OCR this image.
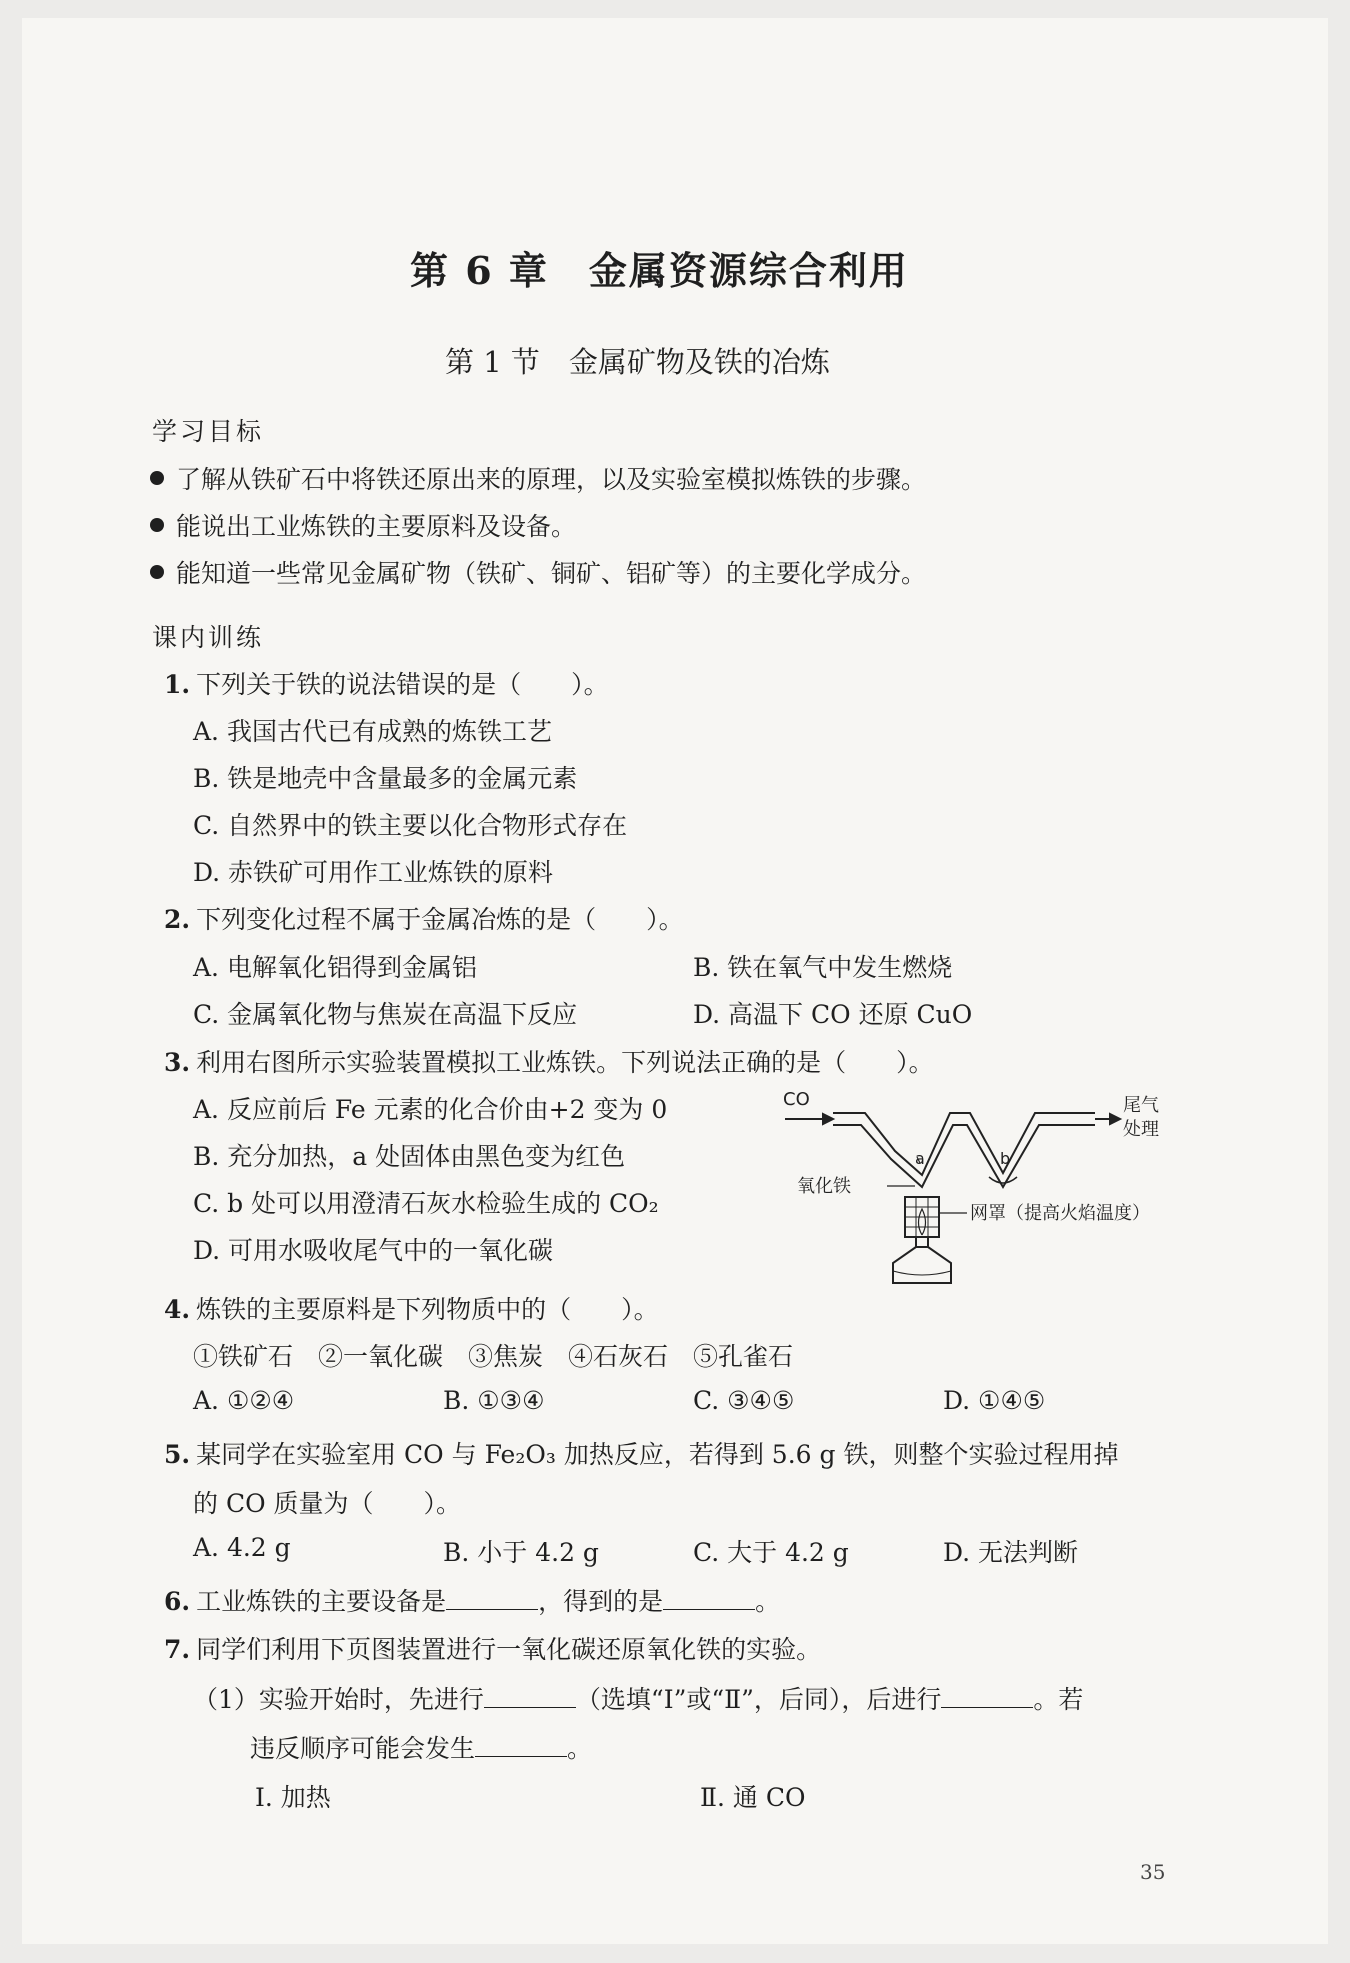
第 6 章　金属资源综合利用
第 1 节　金属矿物及铁的冶炼
学习目标
了解从铁矿石中将铁还原出来的原理，以及实验室模拟炼铁的步骤。
能说出工业炼铁的主要原料及设备。
能知道一些常见金属矿物（铁矿、铜矿、铝矿等）的主要化学成分。
课内训练
1. 下列关于铁的说法错误的是（　　）。
A. 我国古代已有成熟的炼铁工艺
B. 铁是地壳中含量最多的金属元素
C. 自然界中的铁主要以化合物形式存在
D. 赤铁矿可用作工业炼铁的原料
2. 下列变化过程不属于金属冶炼的是（　　）。
A. 电解氧化铝得到金属铝	B. 铁在氧气中发生燃烧
C. 金属氧化物与焦炭在高温下反应	D. 高温下 CO 还原 CuO
3. 利用右图所示实验装置模拟工业炼铁。下列说法正确的是（　　）。
A. 反应前后 Fe 元素的化合价由+2 变为 0
B. 充分加热，a 处固体由黑色变为红色
C. b 处可以用澄清石灰水检验生成的 CO₂
D. 可用水吸收尾气中的一氧化碳
CO	尾气
处理
a	b
氧化铁
网罩（提高火焰温度）
4. 炼铁的主要原料是下列物质中的（　　）。
①铁矿石　②一氧化碳　③焦炭　④石灰石　⑤孔雀石
A. ①②④	B. ①③④	C. ③④⑤	D. ①④⑤
5. 某同学在实验室用 CO 与 Fe₂O₃ 加热反应，若得到 5.6 g 铁，则整个实验过程用掉
的 CO 质量为（　　）。
A. 4.2 g	B. 小于 4.2 g	C. 大于 4.2 g	D. 无法判断
6. 工业炼铁的主要设备是	，得到的是	。
7. 同学们利用下页图装置进行一氧化碳还原氧化铁的实验。
（1）实验开始时，先进行	（选填“Ⅰ”或“Ⅱ”，后同），后进行	。若
违反顺序可能会发生	。
Ⅰ. 加热	Ⅱ. 通 CO
35
